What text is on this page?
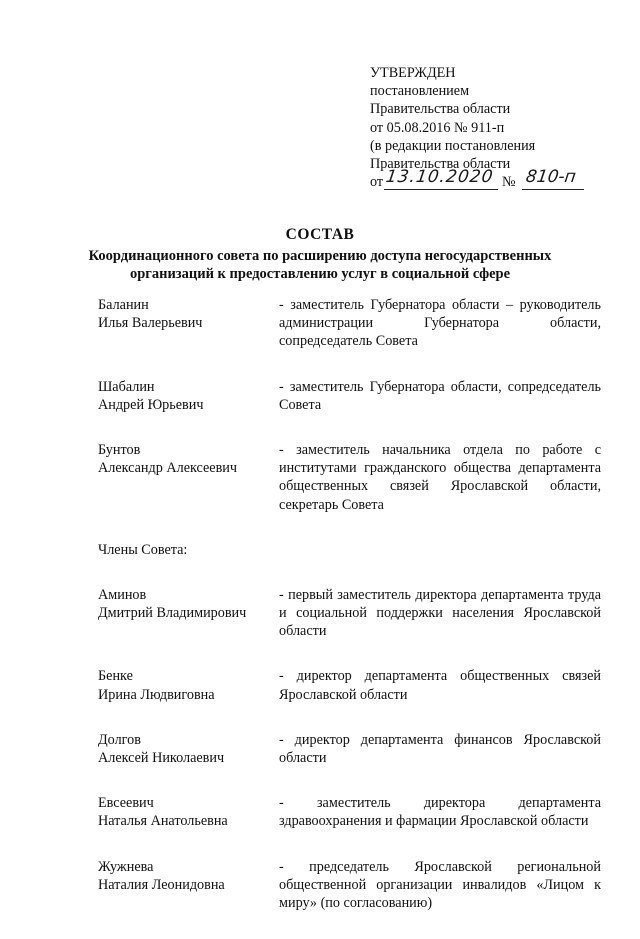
УТВЕРЖДЕН
постановлением
Правительства области
от 05.08.2016 № 911-п
(в редакции постановления
Правительства области
от 13.10.2020 № 810-п
СОСТАВ
Координационного совета по расширению доступа негосударственных
организаций к предоставлению услуг в социальной сфере
Баланин
Илья Валерьевич
- заместитель Губернатора области – руководитель администрации Губернатора области, сопредседатель Совета
Шабалин
Андрей Юрьевич
- заместитель Губернатора области, сопредседатель Совета
Бунтов
Александр Алексеевич
- заместитель начальника отдела по работе с институтами гражданского общества департамента общественных связей Ярославской области, секретарь Совета
Члены Совета:
Аминов
Дмитрий Владимирович
- первый заместитель директора департамента труда и социальной поддержки населения Ярославской области
Бенке
Ирина Людвиговна
- директор департамента общественных связей Ярославской области
Долгов
Алексей Николаевич
- директор департамента финансов Ярославской области
Евсеевич
Наталья Анатольевна
- заместитель директора департамента здравоохранения и фармации Ярославской области
Жужнева
Наталия Леонидовна
- председатель Ярославской региональной общественной организации инвалидов «Лицом к миру» (по согласованию)
